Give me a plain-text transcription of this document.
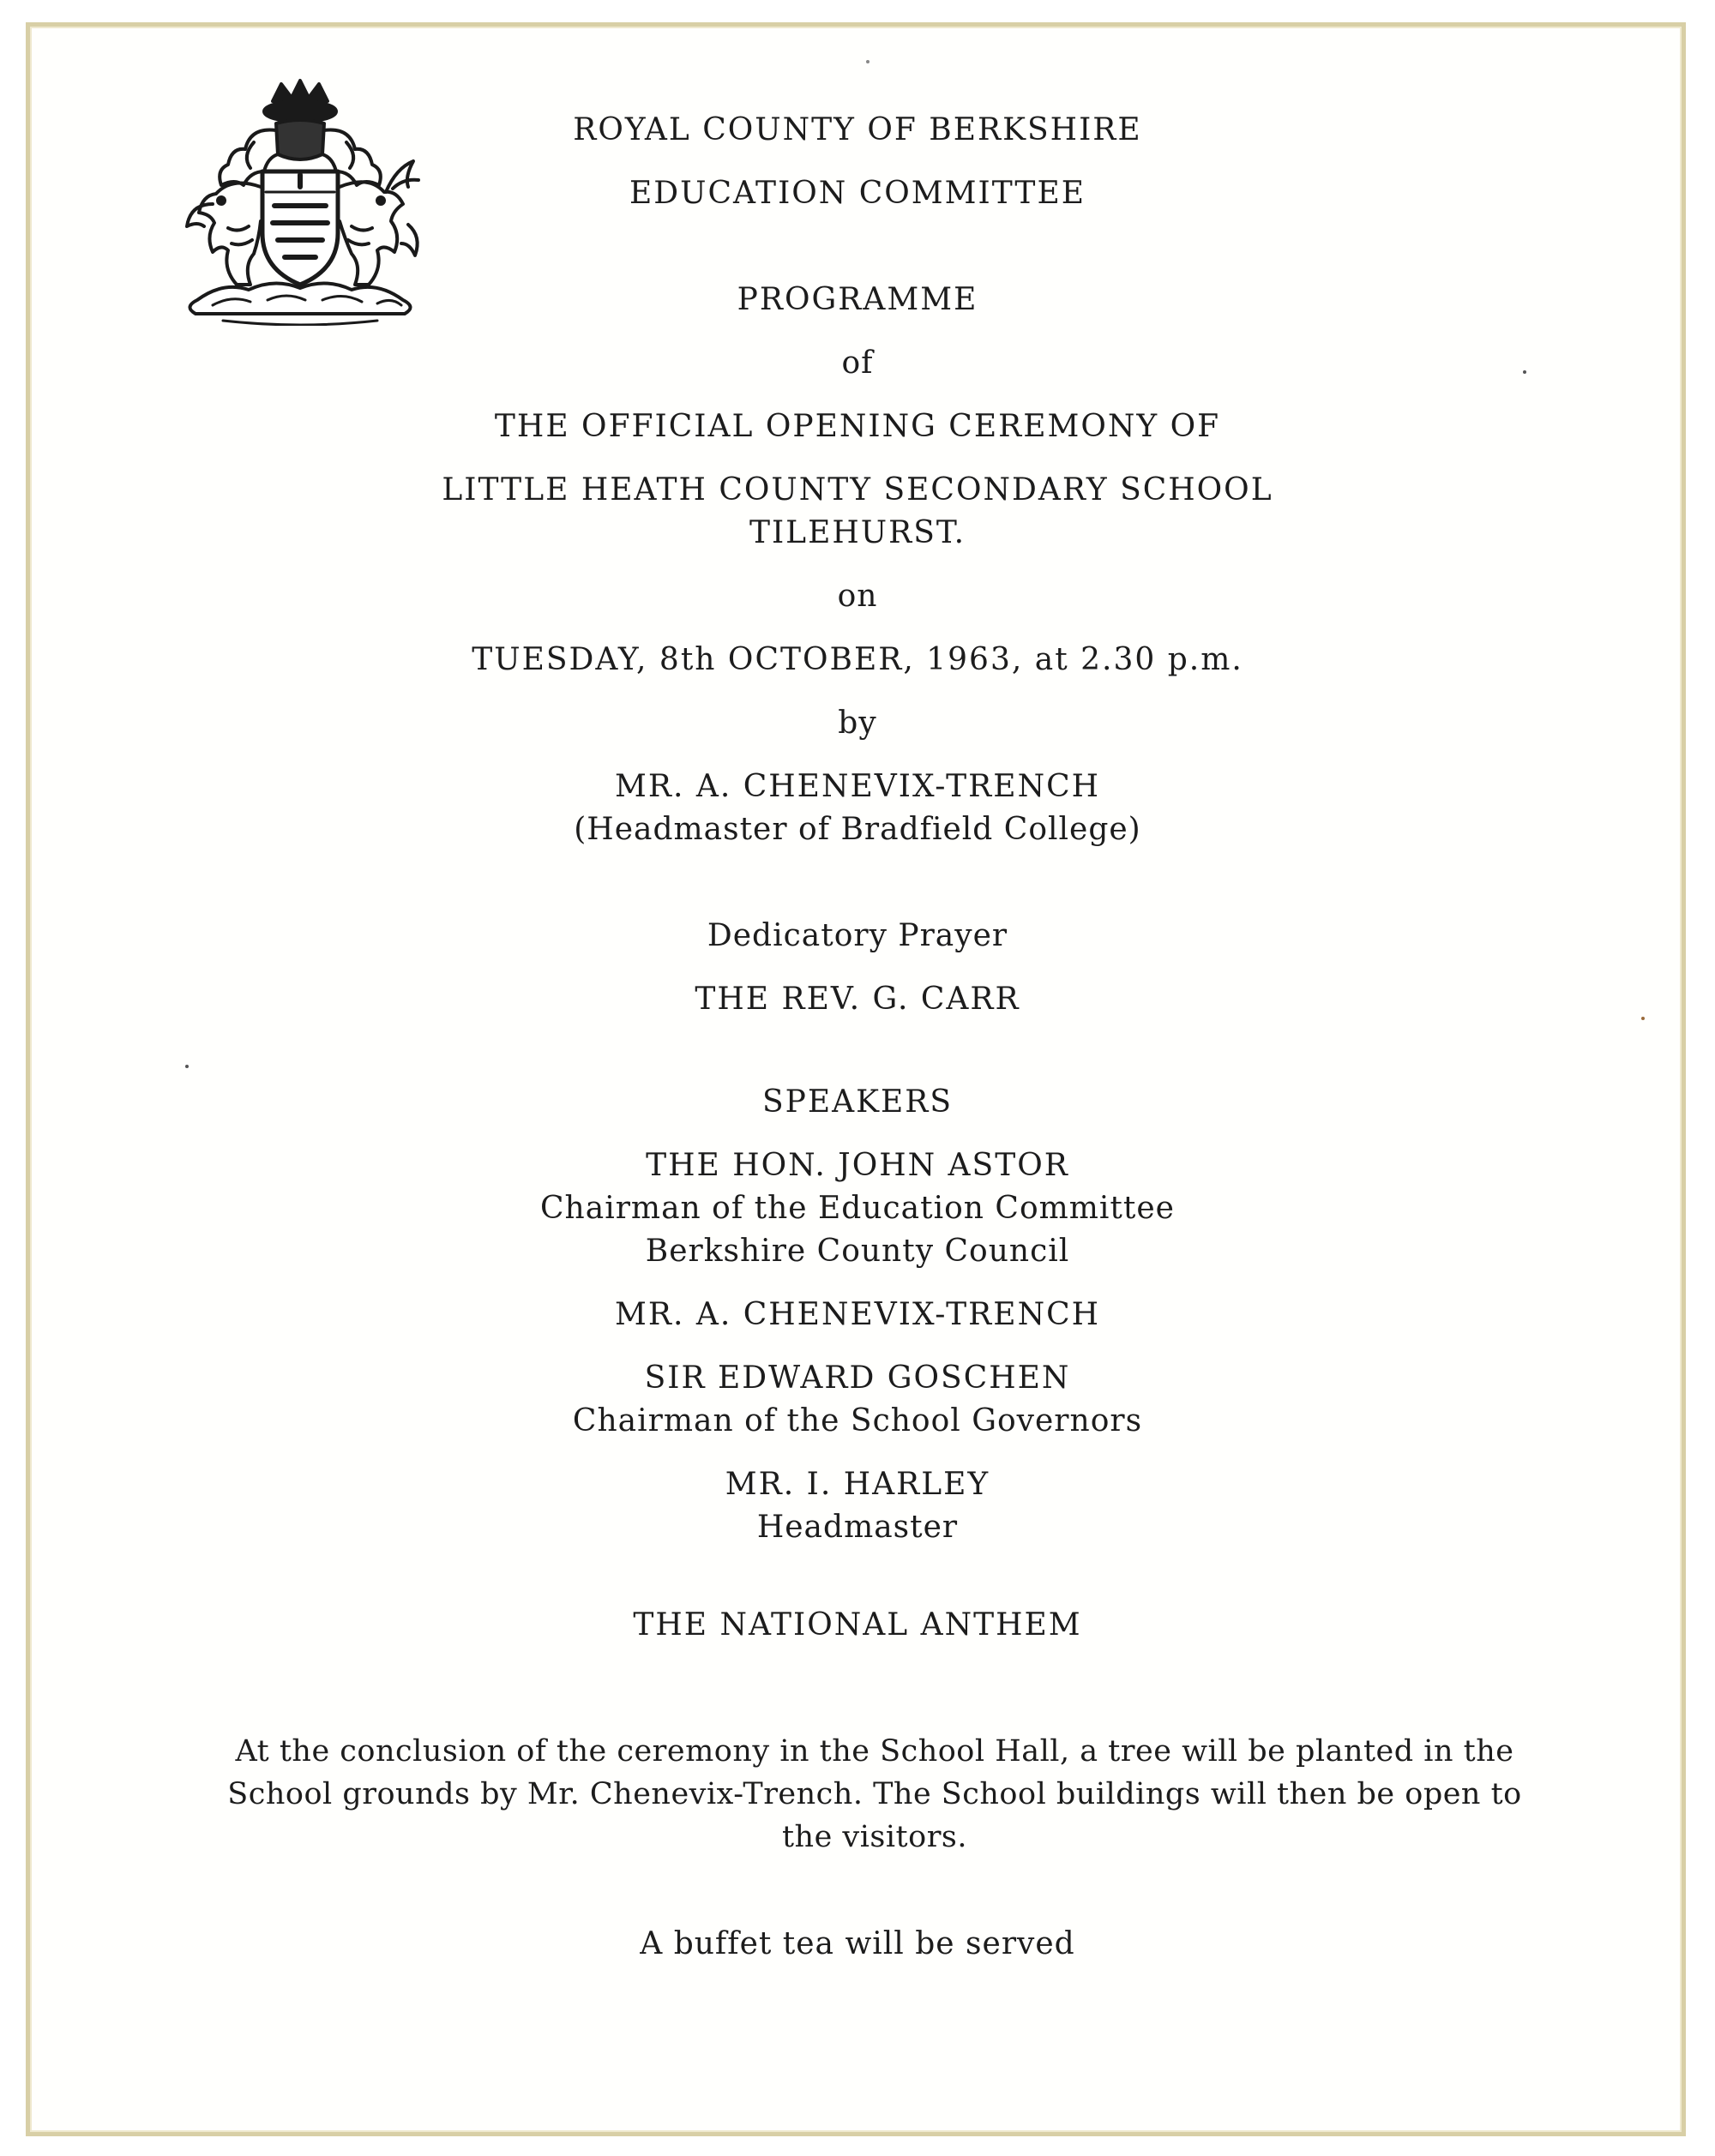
ROYAL COUNTY OF BERKSHIRE
EDUCATION COMMITTEE
PROGRAMME
of
THE OFFICIAL OPENING CEREMONY OF
LITTLE HEATH COUNTY SECONDARY SCHOOL
TILEHURST.
on
TUESDAY, 8th OCTOBER, 1963, at 2.30 p.m.
by
MR. A. CHENEVIX-TRENCH
(Headmaster of Bradfield College)
Dedicatory Prayer
THE REV. G. CARR
SPEAKERS
THE HON. JOHN ASTOR
Chairman of the Education Committee
Berkshire County Council
MR. A. CHENEVIX-TRENCH
SIR EDWARD GOSCHEN
Chairman of the School Governors
MR. I. HARLEY
Headmaster
THE NATIONAL ANTHEM
At the conclusion of the ceremony in the School Hall, a tree will be planted in the School grounds by Mr. Chenevix-Trench. The School buildings will then be open to the visitors.
A buffet tea will be served
